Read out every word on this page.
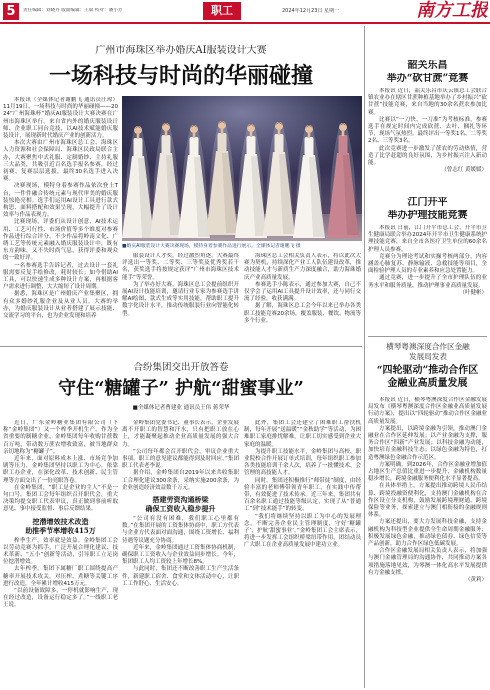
5	责任编辑：刘晓丹 版面编辑：王斌 校对：潘小芳	职工	2024年12月23日 星期一	南方工报
广州市海珠区举办婚庆AI服装设计大赛
一场科技与时尚的华丽碰撞

本报讯（全媒体记者谢鹏飞 通讯员汪琼）11月19日，一场科技与时尚的华丽碰撞——2024“广州海珠杯”婚庆AI服装设计大赛决赛在广州市海珠区举行。来自省内外的婚庆服装设计师、企业职工同台竞技，以AI技术赋能婚庆服装设计，展现新时代婚庆产业的创新活力。

本次大赛由广州市海珠区总工会、海珠区人力资源和社会保障局、海珠区民政局联合主办，大赛聚焦中式礼服、定制婚纱、主持礼服三大品类，共吸引近百名选手报名参赛，经过初赛、复赛层层选拔，最终30名选手进入决赛。

决赛现场，模特身着参赛作品依次登上T台，一件件融合传统元素与现代审美的婚庆服装惊艳亮相。选手们运用AI设计工具进行款式构思、面料搭配和效果呈现，大幅提升了设计效率与作品表现力。

比赛现场，评委们从设计创意、AI技术运用、工艺可行性、市场价值等多个维度对参赛作品进行综合评分。不少作品将岭南文化、广绣工艺等传统元素融入婚庆服装设计中，既有东方韵味，又不失时尚气息，获得评委和观众的一致好评。

一名参赛选手告诉记者，过去设计一套礼服需要反复手绘修改，耗时较长；如今借助AI工具，可以快速生成多种设计方案，再根据客户需求进行调整，大大缩短了设计周期。

据悉，海珠区是广州婚庆产业集聚区，拥有众多婚纱礼服企业及从业人员。大赛的举办，为婚庆服装设计从业者搭建了展示技能、交流学习的平台，也为企业发现和培养

■婚庆AI服装设计大赛决赛现场，模特身着参赛作品进行展示。全媒体记者谢鹏飞 摄

服装设计人才奖。经过激烈角逐，大赛最终评选出一等奖、二等奖、三等奖及优秀奖若干名，获奖选手将按规定获评“广州市海珠区技术能手”等荣誉。

为了举办好大赛，海珠区总工会提前组织开展AI设计技能培训，邀请行业专家为参赛选手讲解AI绘图、款式生成等实用技能，帮助职工提升数字化设计水平，推动传统服装行业向智能化转型。

海珠区总工会相关负责人表示，将以此次大赛为契机，持续深化产业工人队伍建设改革，推动技能人才与新质生产力深度融合，助力海珠婚庆产业高质量发展。

参赛选手小陈表示，通过参加大赛，自己不仅学会了运用AI工具提升设计效率，还与同行交流了经验，收获满满。

据了解，海珠区总工会今年以来已举办各类职工技能竞赛20余场，覆盖服装、餐饮、物流等多个行业。

韶关乐昌
举办“砍甘蔗”竞赛

本报讯 近日，韶关乐昌市庆云镇总工会联合镇农业办在辖区甘蔗种植基地举办了乡村振兴“砍甘蔗”技能竞赛，来自当地的30余名蔗农参加比赛。

比赛以“一刀快、一刀准”为考核标准，参赛选手在规定时间内完成砍蔗、去叶、捆扎等环节，现场气氛热烈。最终评出一等奖1名、二等奖2名、三等奖3名。

此次竞赛进一步激发了蔗农的劳动热情，营造了比学赶超的良好氛围，为乡村振兴注入新动能。

（曾志红 黄媛媛）

江门开平
举办护理技能竞赛

本报讯 日前，江门开平市总工会、开平市卫生健康局联合举办2024年开平市卫生健康系统护理技能竞赛，来自全市各医疗卫生单位的60余名护理人员参赛。

竞赛分为理论考试和实操考核两部分，内容涵盖心肺复苏、静脉输液、急救技能等项目，全面检验护理人员的专业素养和应急处置能力。

通过竞赛，进一步提升了全市护理队伍的业务水平和服务质量，推动护理事业高质量发展。

（叶健彬）

横琴粤澳深度合作区金融
发展局发表
“四轮驱动”推动合作区
金融业高质量发展

本报讯 近日，横琴粤澳深度合作区金融发展局发布《横琴粤澳深度合作区金融业高质量发展行动方案》，提出以“四轮驱动”推动合作区金融业高质量发展。

方案提出，以跨境金融为引领，推动澳门金融业在合作区延伸发展；以产业金融为支撑，服务合作区“四新”产业发展；以科技金融为动能，加快培育金融科技生态；以绿色金融为特色，打造粤澳绿色金融合作示范区。

方案明确，到2026年，合作区金融业增加值占地区生产总值比重进一步提升，金融机构数量稳步增长，跨境金融服务便利化水平显著提高。

在具体举措上，方案提出推动跨境人民币结算、跨境投融资便利化，支持澳门金融机构在合作区设立分支机构，鼓励发展跨境理财通、跨境保险等业务，探索建立与澳门相衔接的金融规则体系。

方案还提出，要大力发展科技金融，支持金融机构为科技型企业提供全生命周期金融服务；积极发展绿色金融，推动绿色债券、绿色信贷等产品创新，助力合作区绿色低碳发展。

合作区金融发展局相关负责人表示，将加强与澳门金融管理局的沟通协作，共同推动方案各项措施落地见效，为琴澳一体化高水平发展提供有力金融支撑。

（黄莉）

合纷集团交出开放答卷
守住“糖罐子” 护航“甜蜜事业”
■全媒体记者曹建业 通讯员王伟 蒋荣华

近日，广东金岭糖业集团有限公司（下称“金岭集团”）又一个榨季开机生产。作为全省重要的制糖企业，金岭集团每年收购甘蔗数百万吨，带动数万蔗农增收致富，被当地群众亲切地称为“糖罐子”。

近年来，面对原料成本上涨、市场竞争加剧等压力，金岭集团坚持以职工为中心，依靠职工办企业，在深化改革、技术创新、民主管理等方面交出了一份亮眼答卷。

在金岭集团，“职工是企业的主人”不是一句口号。集团工会每年组织召开职代会，重大决策均提交职工代表审议，真正做到事前听取意见、事中接受监督、事后反馈结果。

挖潜增效技术改造
助推季节率增收415万

榨季生产，效率就是效益。金岭集团工会以劳动竞赛为抓手，广泛开展合理化建议、技术革新、“五小”创新等活动，引导职工立足岗位挖潜增效。

去年榨季，集团下属糖厂职工围绕提高产糖率开展技术攻关，对压榨、煮糖等关键工序进行改造，全年累计增收415万元。

“以前设备故障多，一停机就影响生产，现在经过改造，设备运行稳定多了。”一线职工老王说。

金岭集团党委书记、董事长表示，企业发展离不开职工的智慧和汗水，只有把职工放在心上，才能凝聚起推动企业高质量发展的强大合力。

“公司每年都会召开职代会，审议企业重大事项，职工的意见建议都能得到及时回应。”集团职工代表老李说。

据介绍，金岭集团自2019年以来共收集职工合理化建议300余条，采纳实施200余条，为企业创造经济效益数千万元。

搭建劳资沟通桥梁
确保工资收入稳步提升

“公司有没有困难，我们职工心里都有数。”在集团开展的工资集体协商中，职工方代表与企业方代表面对面沟通，围绕工资增长、福利待遇等议题充分协商。

近年来，金岭集团通过工资集体协商机制，确保职工工资收入与企业效益同步增长。今年，集团职工人均工资较上年增长8%。

与此同时，集团还不断改善职工生产生活条件，新建职工宿舍、食堂和文体活动中心，让职工工作舒心、生活安心。

此外，集团工会还建立了困难职工帮扶机制，每年开展“送温暖”“金秋助学”等活动，为困难职工家庭排忧解难，让职工切实感受到企业大家庭的温暖。

为提升职工技能水平，金岭集团与高校、职业院校合作开展订单式培训，每年组织职工参加各类技能培训千余人次，培养了一批懂技术、会管理的高技能人才。

同时，集团还积极推行“师带徒”制度，由经验丰富的老师傅带领青年职工，在实践中传帮带，有效促进了技术传承。近三年来，集团共有百余名职工通过技能等级认定，实现了从“普通工”到“技术能手”的转变。

“我们将继续坚持以职工为中心的发展理念，不断完善企业民主管理制度，守好‘糖罐子’，护航‘甜蜜事业’。”金岭集团工会主席表示，将进一步发挥工会组织桥梁纽带作用，团结动员广大职工在企业高质量发展中建功立业。
